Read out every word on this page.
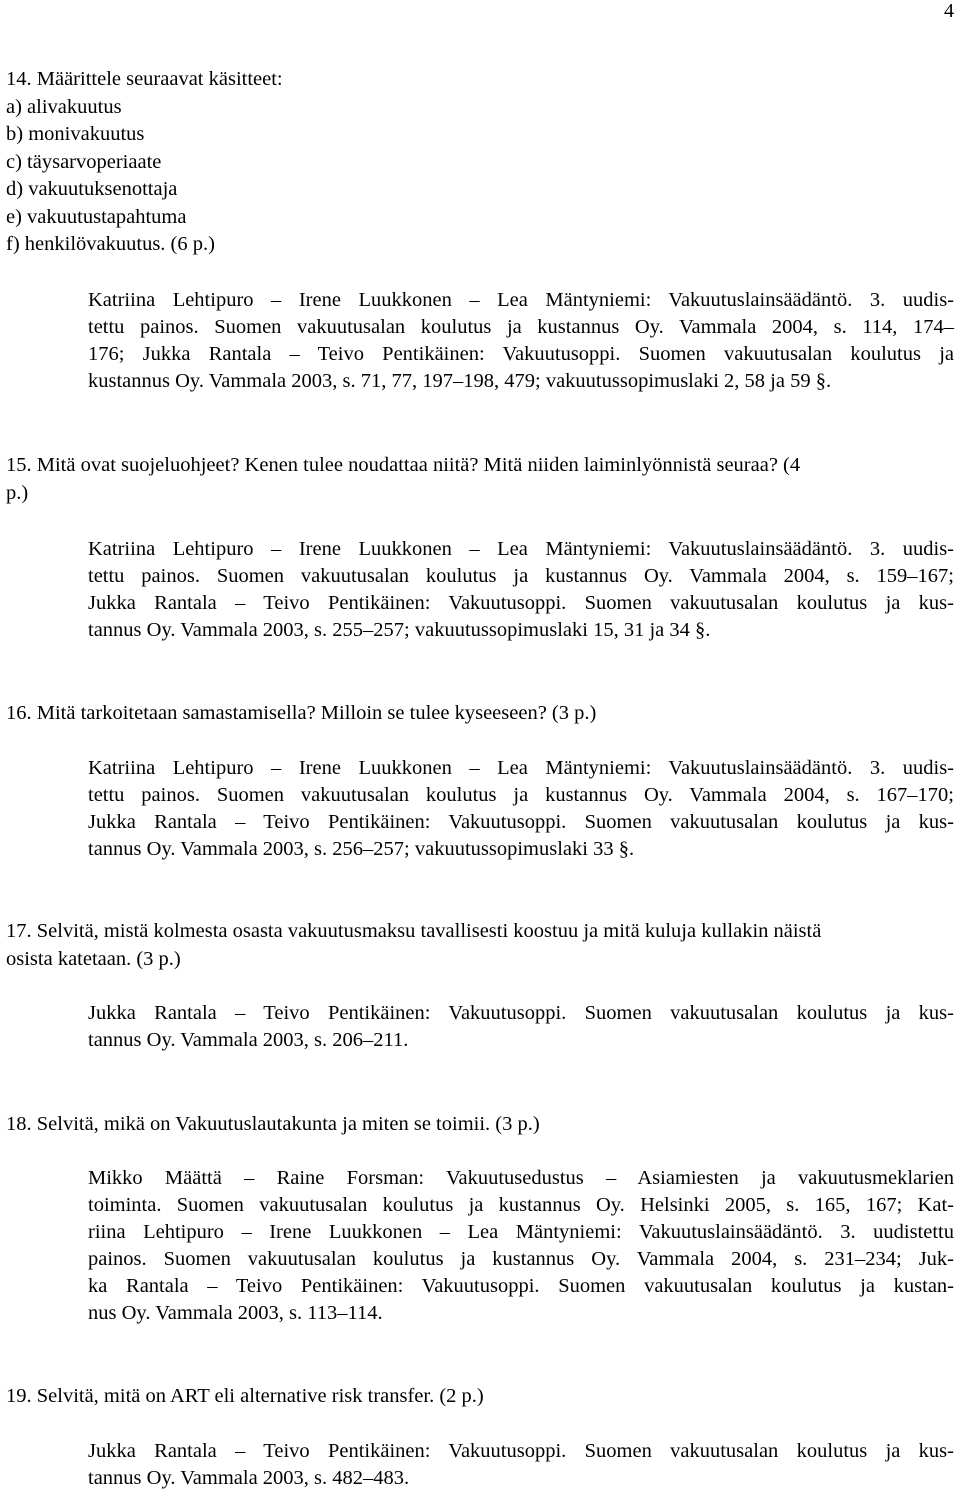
4
14. Määrittele seuraavat käsitteet:
a) alivakuutus
b) monivakuutus
c) täysarvoperiaate
d) vakuutuksenottaja
e) vakuutustapahtuma
f) henkilövakuutus. (6 p.)
Katriina Lehtipuro – Irene Luukkonen – Lea Mäntyniemi: Vakuutuslainsäädäntö. 3. uudis-
tettu painos. Suomen vakuutusalan koulutus ja kustannus Oy. Vammala 2004, s. 114, 174–
176; Jukka Rantala – Teivo Pentikäinen: Vakuutusoppi. Suomen vakuutusalan koulutus ja
kustannus Oy. Vammala 2003, s. 71, 77, 197–198, 479; vakuutussopimuslaki 2, 58 ja 59 §.
15. Mitä ovat suojeluohjeet? Kenen tulee noudattaa niitä? Mitä niiden laiminlyönnistä seuraa? (4
p.)
Katriina Lehtipuro – Irene Luukkonen – Lea Mäntyniemi: Vakuutuslainsäädäntö. 3. uudis-
tettu painos. Suomen vakuutusalan koulutus ja kustannus Oy. Vammala 2004, s. 159–167;
Jukka Rantala – Teivo Pentikäinen: Vakuutusoppi. Suomen vakuutusalan koulutus ja kus-
tannus Oy. Vammala 2003, s. 255–257; vakuutussopimuslaki 15, 31 ja 34 §.
16. Mitä tarkoitetaan samastamisella? Milloin se tulee kyseeseen? (3 p.)
Katriina Lehtipuro – Irene Luukkonen – Lea Mäntyniemi: Vakuutuslainsäädäntö. 3. uudis-
tettu painos. Suomen vakuutusalan koulutus ja kustannus Oy. Vammala 2004, s. 167–170;
Jukka Rantala – Teivo Pentikäinen: Vakuutusoppi. Suomen vakuutusalan koulutus ja kus-
tannus Oy. Vammala 2003, s. 256–257; vakuutussopimuslaki 33 §.
17. Selvitä, mistä kolmesta osasta vakuutusmaksu tavallisesti koostuu ja mitä kuluja kullakin näistä
osista katetaan. (3 p.)
Jukka Rantala – Teivo Pentikäinen: Vakuutusoppi. Suomen vakuutusalan koulutus ja kus-
tannus Oy. Vammala 2003, s. 206–211.
18. Selvitä, mikä on Vakuutuslautakunta ja miten se toimii. (3 p.)
Mikko Määttä – Raine Forsman: Vakuutusedustus – Asiamiesten ja vakuutusmeklarien
toiminta. Suomen vakuutusalan koulutus ja kustannus Oy. Helsinki 2005, s. 165, 167; Kat-
riina Lehtipuro – Irene Luukkonen – Lea Mäntyniemi: Vakuutuslainsäädäntö. 3. uudistettu
painos. Suomen vakuutusalan koulutus ja kustannus Oy. Vammala 2004, s. 231–234; Juk-
ka Rantala – Teivo Pentikäinen: Vakuutusoppi. Suomen vakuutusalan koulutus ja kustan-
nus Oy. Vammala 2003, s. 113–114.
19. Selvitä, mitä on ART eli alternative risk transfer. (2 p.)
Jukka Rantala – Teivo Pentikäinen: Vakuutusoppi. Suomen vakuutusalan koulutus ja kus-
tannus Oy. Vammala 2003, s. 482–483.
